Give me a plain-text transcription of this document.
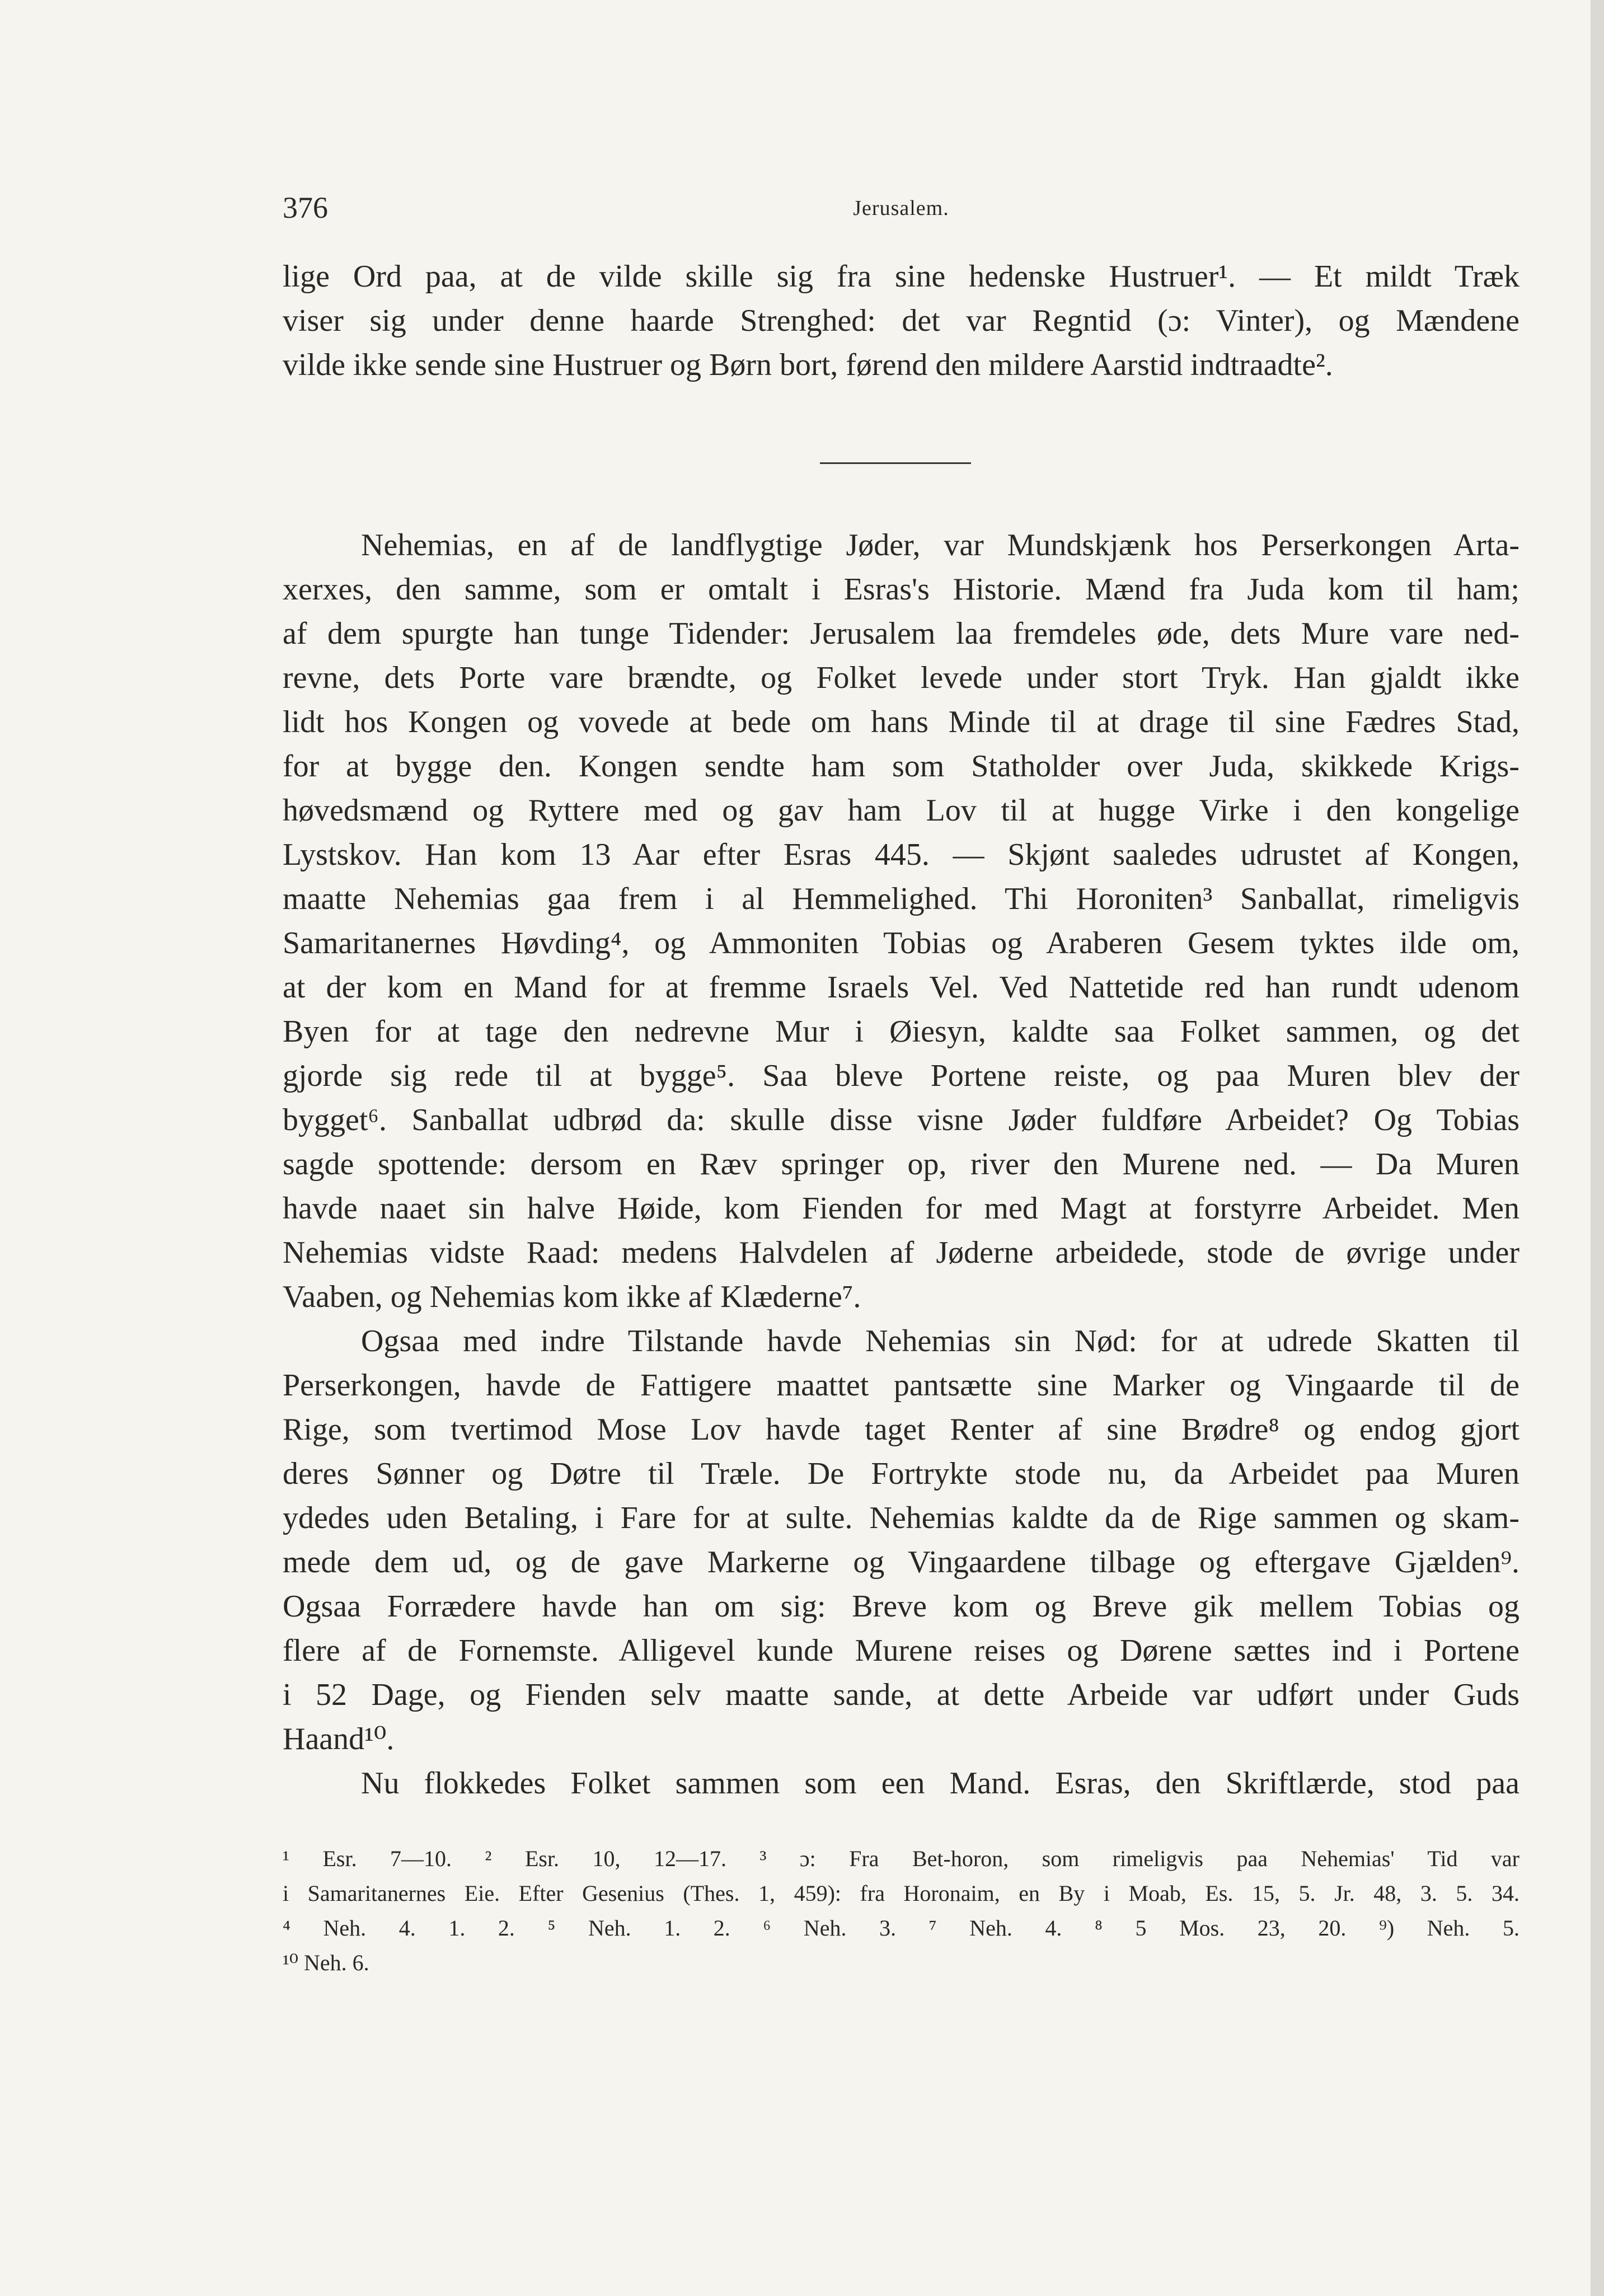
376	Jerusalem.
lige Ord paa, at de vilde skille sig fra sine hedenske Hustruer¹. — Et mildt Træk
viser sig under denne haarde Strenghed: det var Regntid (ɔ: Vinter), og Mændene
vilde ikke sende sine Hustruer og Børn bort, førend den mildere Aarstid indtraadte².
Nehemias, en af de landflygtige Jøder, var Mundskjænk hos Perserkongen Arta-
xerxes, den samme, som er omtalt i Esras's Historie. Mænd fra Juda kom til ham;
af dem spurgte han tunge Tidender: Jerusalem laa fremdeles øde, dets Mure vare ned-
revne, dets Porte vare brændte, og Folket levede under stort Tryk. Han gjaldt ikke
lidt hos Kongen og vovede at bede om hans Minde til at drage til sine Fædres Stad,
for at bygge den. Kongen sendte ham som Statholder over Juda, skikkede Krigs-
høvedsmænd og Ryttere med og gav ham Lov til at hugge Virke i den kongelige
Lystskov. Han kom 13 Aar efter Esras 445. — Skjønt saaledes udrustet af Kongen,
maatte Nehemias gaa frem i al Hemmelighed. Thi Horoniten³ Sanballat, rimeligvis
Samaritanernes Høvding⁴, og Ammoniten Tobias og Araberen Gesem tyktes ilde om,
at der kom en Mand for at fremme Israels Vel. Ved Nattetide red han rundt udenom
Byen for at tage den nedrevne Mur i Øiesyn, kaldte saa Folket sammen, og det
gjorde sig rede til at bygge⁵. Saa bleve Portene reiste, og paa Muren blev der
bygget⁶. Sanballat udbrød da: skulle disse visne Jøder fuldføre Arbeidet? Og Tobias
sagde spottende: dersom en Ræv springer op, river den Murene ned. — Da Muren
havde naaet sin halve Høide, kom Fienden for med Magt at forstyrre Arbeidet. Men
Nehemias vidste Raad: medens Halvdelen af Jøderne arbeidede, stode de øvrige under
Vaaben, og Nehemias kom ikke af Klæderne⁷.
Ogsaa med indre Tilstande havde Nehemias sin Nød: for at udrede Skatten til
Perserkongen, havde de Fattigere maattet pantsætte sine Marker og Vingaarde til de
Rige, som tvertimod Mose Lov havde taget Renter af sine Brødre⁸ og endog gjort
deres Sønner og Døtre til Træle. De Fortrykte stode nu, da Arbeidet paa Muren
ydedes uden Betaling, i Fare for at sulte. Nehemias kaldte da de Rige sammen og skam-
mede dem ud, og de gave Markerne og Vingaardene tilbage og eftergave Gjælden⁹.
Ogsaa Forrædere havde han om sig: Breve kom og Breve gik mellem Tobias og
flere af de Fornemste. Alligevel kunde Murene reises og Dørene sættes ind i Portene
i 52 Dage, og Fienden selv maatte sande, at dette Arbeide var udført under Guds
Haand¹⁰.
Nu flokkedes Folket sammen som een Mand. Esras, den Skriftlærde, stod paa
¹ Esr. 7—10. ² Esr. 10, 12—17. ³ ɔ: Fra Bet-horon, som rimeligvis paa Nehemias' Tid var
i Samaritanernes Eie. Efter Gesenius (Thes. 1, 459): fra Horonaim, en By i Moab, Es. 15, 5. Jr. 48, 3. 5. 34.
⁴ Neh. 4. 1. 2. ⁵ Neh. 1. 2. ⁶ Neh. 3. ⁷ Neh. 4. ⁸ 5 Mos. 23, 20. ⁹) Neh. 5.
¹⁰ Neh. 6.
